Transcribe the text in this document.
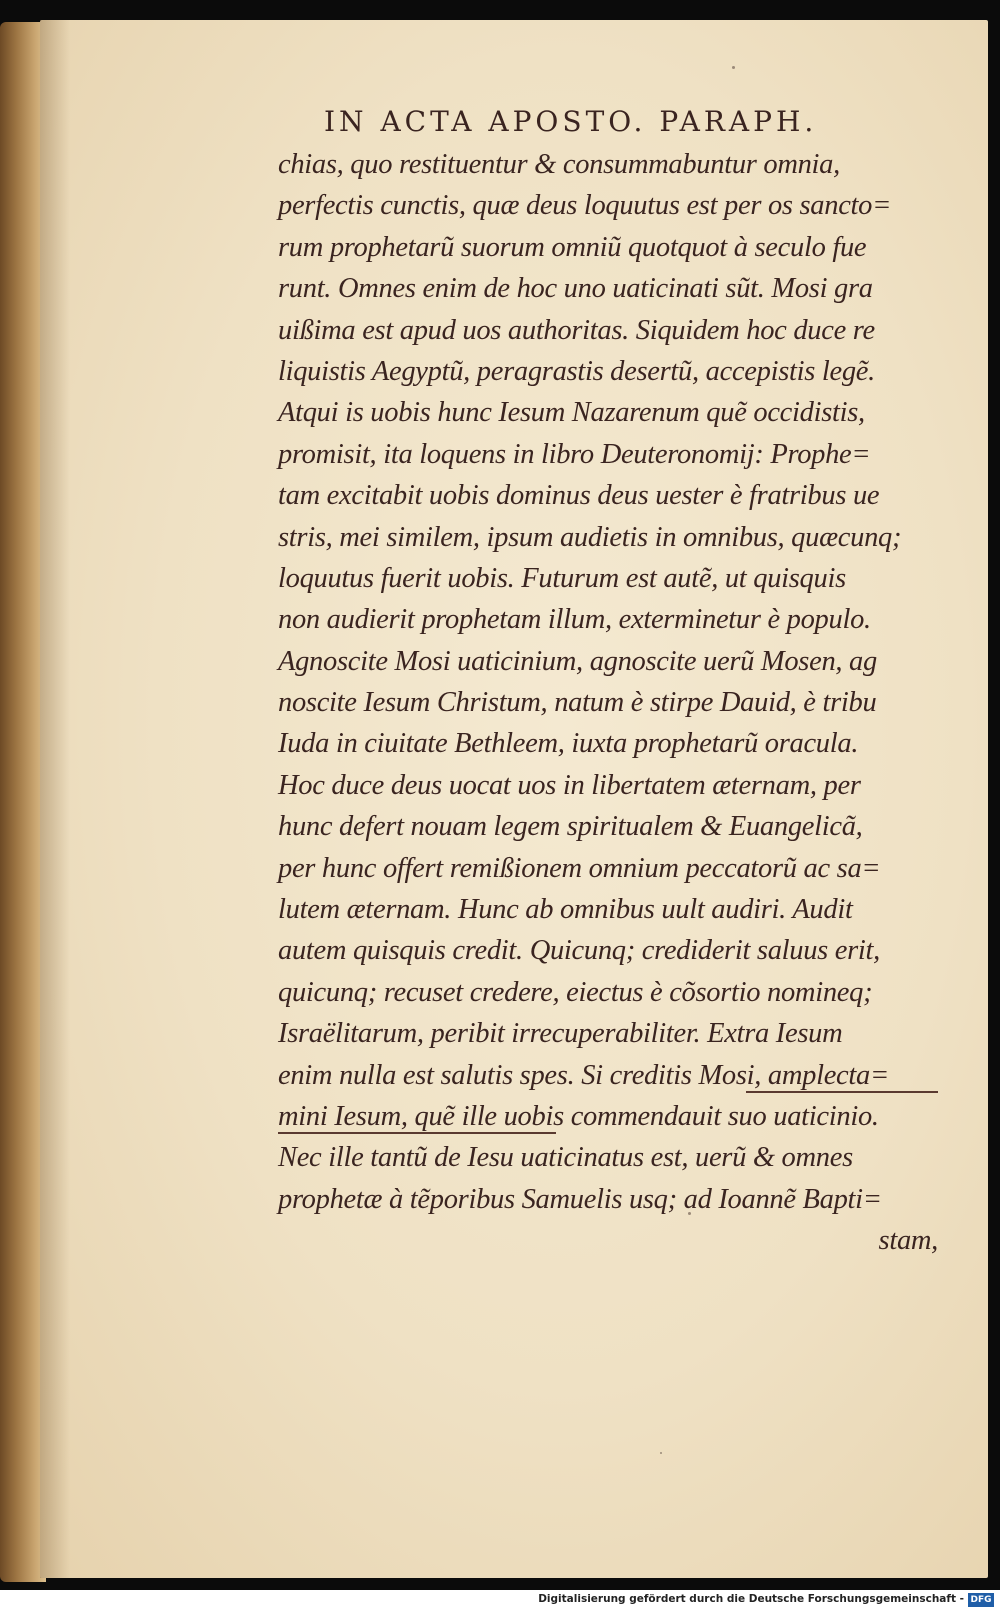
IN ACTA APOSTO. PARAPH.
chias, quo restituentur & consummabuntur omnia,
perfectis cunctis, quæ deus loquutus est per os sancto=
rum prophetarũ suorum omniũ quotquot à seculo fue
runt. Omnes enim de hoc uno uaticinati sũt. Mosi gra
uißima est apud uos authoritas. Siquidem hoc duce re
liquistis Aegyptũ, peragrastis desertũ, accepistis legẽ.
Atqui is uobis hunc Iesum Nazarenum quẽ occidistis,
promisit, ita loquens in libro Deuteronomij: Prophe=
tam excitabit uobis dominus deus uester è fratribus ue
stris, mei similem, ipsum audietis in omnibus, quæcunq;
loquutus fuerit uobis. Futurum est autẽ, ut quisquis
non audierit prophetam illum, exterminetur è populo.
Agnoscite Mosi uaticinium, agnoscite uerũ Mosen, ag
noscite Iesum Christum, natum è stirpe Dauid, è tribu
Iuda in ciuitate Bethleem, iuxta prophetarũ oracula.
Hoc duce deus uocat uos in libertatem æternam, per
hunc defert nouam legem spiritualem & Euangelicã,
per hunc offert remißionem omnium peccatorũ ac sa=
lutem æternam. Hunc ab omnibus uult audiri. Audit
autem quisquis credit. Quicunq; crediderit saluus erit,
quicunq; recuset credere, eiectus è cõsortio nomineq;
Israëlitarum, peribit irrecuperabiliter. Extra Iesum
enim nulla est salutis spes. Si creditis Mosi, amplecta=
mini Iesum, quẽ ille uobis commendauit suo uaticinio.
Nec ille tantũ de Iesu uaticinatus est, uerũ & omnes
prophetæ à tẽporibus Samuelis usq; ad Ioannẽ Bapti=
stam,
Digitalisierung gefördert durch die Deutsche Forschungsgemeinschaft - DFG
